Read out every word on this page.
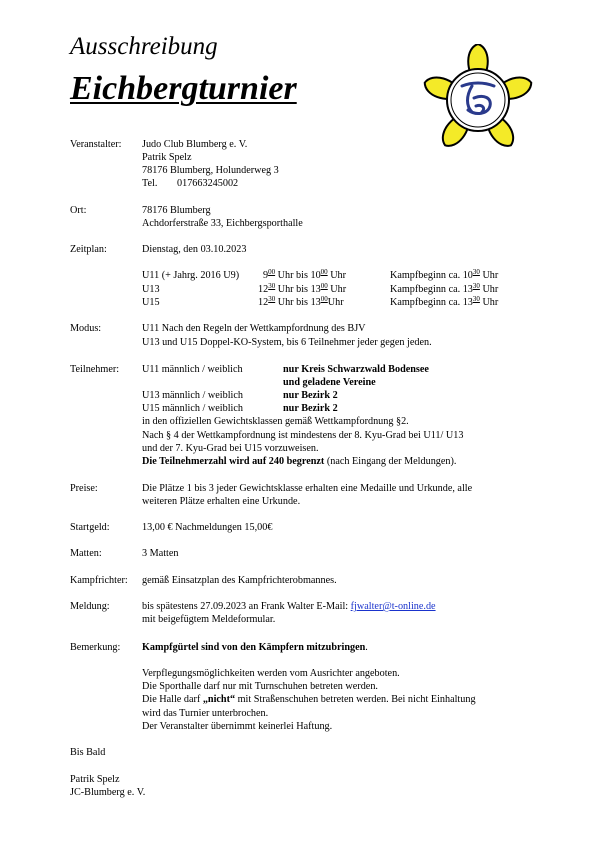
Ausschreibung
Eichbergturnier
Veranstalter: Judo Club Blumberg e. V.
Patrik Spelz
78176 Blumberg, Holunderweg 3
Tel. 017663245002
Ort:	78176 Blumberg
Achdorferstraße 33, Eichbergsporthalle
Zeitplan:	Dienstag, den 03.10.2023
U11 (+ Jahrg. 2016 U9) $9^{00}$ Uhr bis $10^{00}$ Uhr	Kampfbeginn ca. $10^{30}$ Uhr
U13	$12^{30}$ Uhr bis $13^{00}$ Uhr	Kampfbeginn ca. $13^{30}$ Uhr
U15	$12^{30}$ Uhr bis $13^{00}Uhr$	Kampfbeginn ca. $13^{30}$ Uhr
Modus:	U11 Nach den Regeln der Wettkampfordnung des BJV
U13 und U15 Doppel-KO-System, bis 6 Teilnehmer jeder gegen jeden.
Teilnehmer: U11 männlich / weiblich	nur Kreis Schwarzwald Bodensee
und geladene Vereine
U13 männlich / weiblich	nur Bezirk 2
U15 männlich / weiblich	nur Bezirk 2
in den offiziellen Gewichtsklassen gemäß Wettkampfordnung §2.
Nach § 4 der Wettkampfordnung ist mindestens der 8. Kyu-Grad bei U11/ U13
und der 7. Kyu-Grad bei U15 vorzuweisen.
Die Teilnehmerzahl wird auf 240 begrenzt (nach Eingang der Meldungen).
Preise:	Die Plätze 1 bis 3 jeder Gewichtsklasse erhalten eine Medaille und Urkunde, alle
weiteren Plätze erhalten eine Urkunde.
Startgeld:	13,00 € Nachmeldungen 15,00€
Matten:	3 Matten
Kampfrichter: gemäß Einsatzplan des Kampfrichterobmannes.
Meldung:	bis spätestens 27.09.2023 an Frank Walter E-Mail: fjwalter@t-online.de
mit beigefügtem Meldeformular.
Bemerkung: Kampfgürtel sind von den Kämpfern mitzubringen.
Verpflegungsmöglichkeiten werden vom Ausrichter angeboten.
Die Sporthalle darf nur mit Turnschuhen betreten werden.
Die Halle darf „nicht“ mit Straßenschuhen betreten werden. Bei nicht Einhaltung
wird das Turnier unterbrochen.
Der Veranstalter übernimmt keinerlei Haftung.
Bis Bald
Patrik Spelz
JC-Blumberg e. V.
